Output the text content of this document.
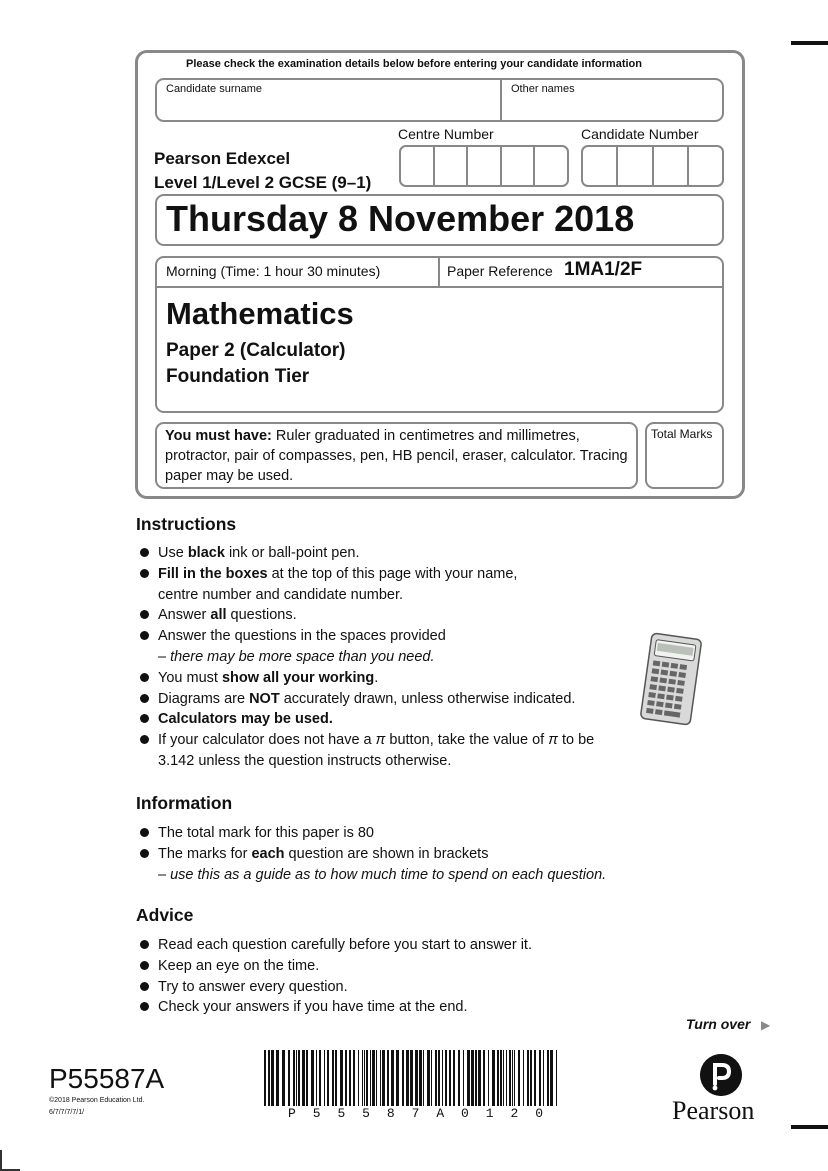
Please check the examination details below before entering your candidate information
Candidate surname	Other names
Centre Number	Candidate Number
Pearson Edexcel
Level 1/Level 2 GCSE (9–1)
Thursday 8 November 2018
Morning (Time: 1 hour 30 minutes)	Paper Reference 1MA1/2F
Mathematics
Paper 2 (Calculator)
Foundation Tier
You must have: Ruler graduated in centimetres and millimetres, protractor, pair of compasses, pen, HB pencil, eraser, calculator. Tracing paper may be used.
Total Marks
Instructions
Use black ink or ball-point pen.
Fill in the boxes at the top of this page with your name,
centre number and candidate number.
Answer all questions.
Answer the questions in the spaces provided
– there may be more space than you need.
You must show all your working.
Diagrams are NOT accurately drawn, unless otherwise indicated.
Calculators may be used.
If your calculator does not have a π button, take the value of π to be
3.142 unless the question instructs otherwise.
Information
The total mark for this paper is 80
The marks for each question are shown in brackets
– use this as a guide as to how much time to spend on each question.
Advice
Read each question carefully before you start to answer it.
Keep an eye on the time.
Try to answer every question.
Check your answers if you have time at the end.
Turn over ▶
P55587A
©2018 Pearson Education Ltd.
6/7/7/7/7/1/	P 5 5 5 8 7 A 0 1 2 0	Pearson
